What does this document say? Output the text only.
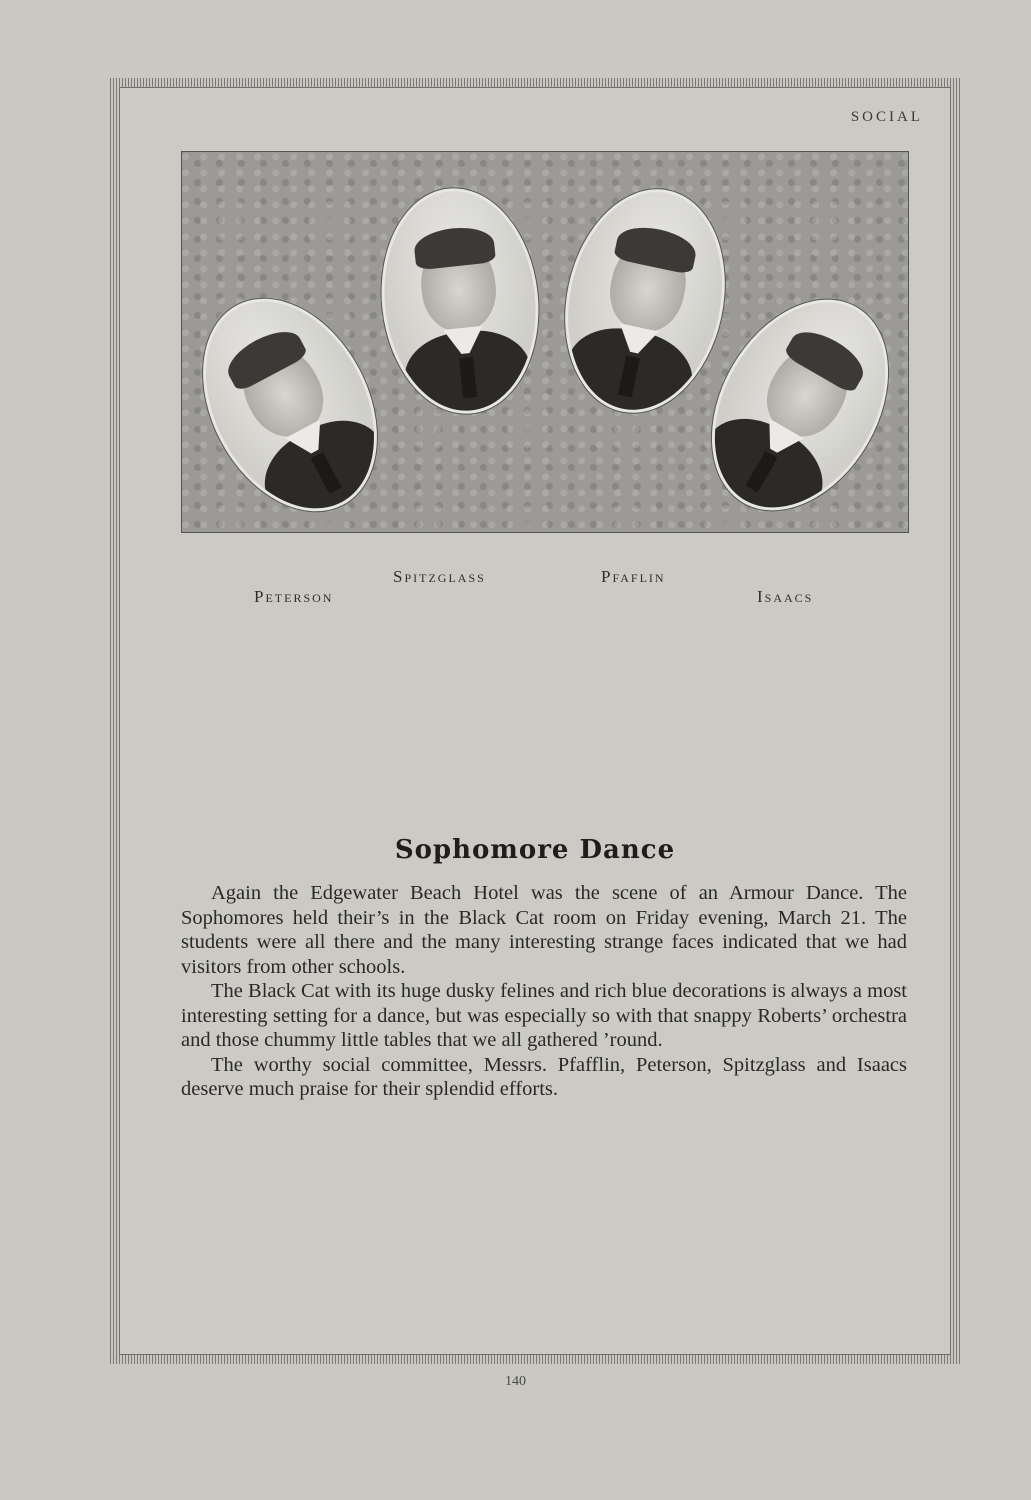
SOCIAL
Peterson
Spitzglass	Pfaflin
Isaacs
Sophomore Dance

Again the Edgewater Beach Hotel was the scene of an Armour Dance. The Sophomores held their’s in the Black Cat room on Friday evening, March 21. The students were all there and the many interesting strange faces indicated that we had visitors from other schools.

The Black Cat with its huge dusky felines and rich blue decorations is always a most interesting setting for a dance, but was especially so with that snappy Roberts’ orchestra and those chummy little tables that we all gathered ’round.

The worthy social committee, Messrs. Pfafflin, Peterson, Spitzglass and Isaacs deserve much praise for their splendid efforts.

140
